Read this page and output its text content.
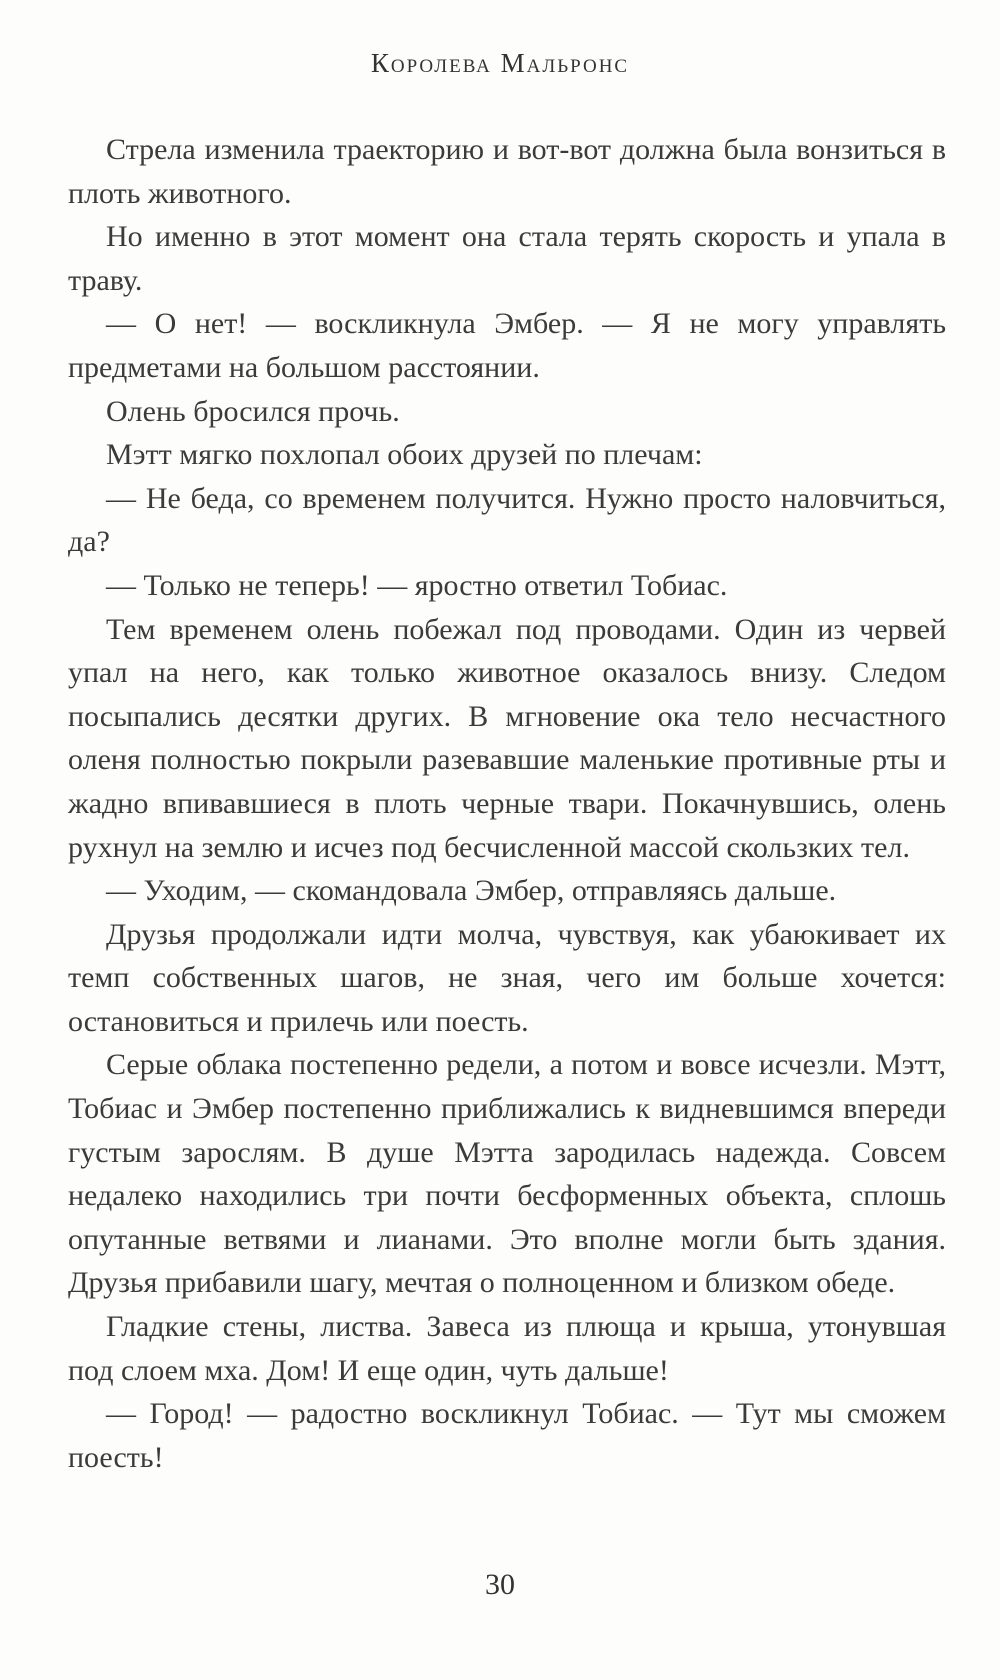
Королева Мальронс

Стрела изменила траекторию и вот-вот должна была вонзиться в плоть животного.

Но именно в этот момент она стала терять скорость и упала в траву.

— О нет! — воскликнула Эмбер. — Я не могу управлять предметами на большом расстоянии.

Олень бросился прочь.

Мэтт мягко похлопал обоих друзей по плечам:

— Не беда, со временем получится. Нужно просто наловчиться, да?

— Только не теперь! — яростно ответил Тобиас.

Тем временем олень побежал под проводами. Один из червей упал на него, как только животное оказалось внизу. Следом посыпались десятки других. В мгновение ока тело несчастного оленя полностью покрыли разевавшие маленькие противные рты и жадно впивавшиеся в плоть черные твари. Покачнувшись, олень рухнул на землю и исчез под бесчисленной массой скользких тел.

— Уходим, — скомандовала Эмбер, отправляясь дальше.

Друзья продолжали идти молча, чувствуя, как убаюкивает их темп собственных шагов, не зная, чего им больше хочется: остановиться и прилечь или поесть.

Серые облака постепенно редели, а потом и вовсе исчезли. Мэтт, Тобиас и Эмбер постепенно приближались к видневшимся впереди густым зарослям. В душе Мэтта зародилась надежда. Совсем недалеко находились три почти бесформенных объекта, сплошь опутанные ветвями и лианами. Это вполне могли быть здания. Друзья прибавили шагу, мечтая о полноценном и близком обеде.

Гладкие стены, листва. Завеса из плюща и крыша, утонувшая под слоем мха. Дом! И еще один, чуть дальше!

— Город! — радостно воскликнул Тобиас. — Тут мы сможем поесть!

30
